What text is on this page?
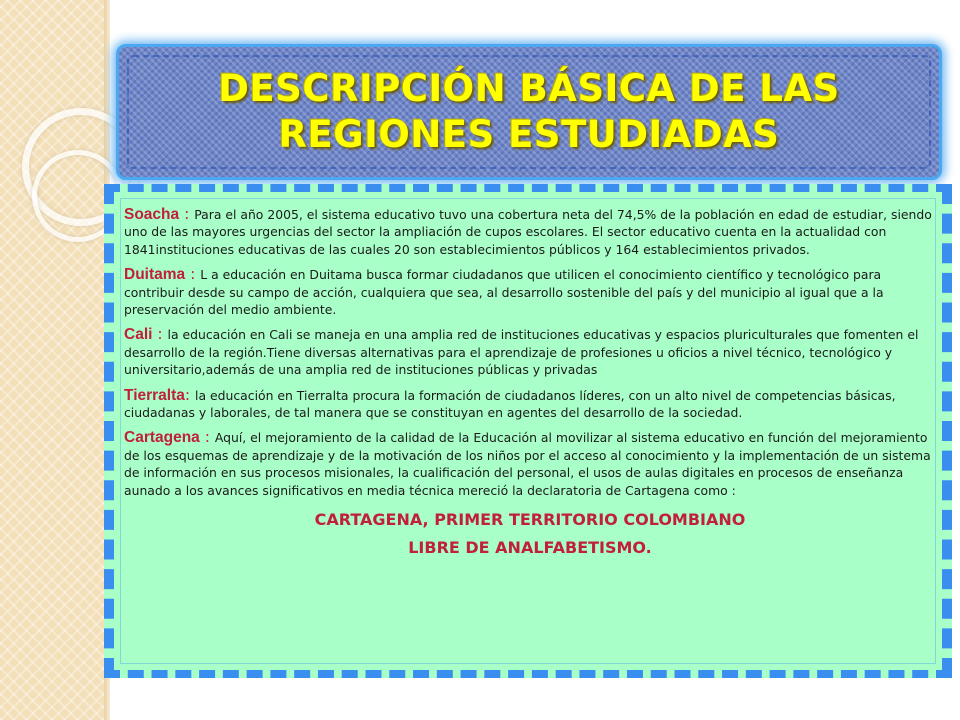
DESCRIPCIÓN BÁSICA DE LAS
REGIONES ESTUDIADAS

Soacha : Para el año 2005, el sistema educativo tuvo una cobertura neta del 74,5% de la población en edad de estudiar, siendo uno de las mayores urgencias del sector la ampliación de cupos escolares. El sector educativo cuenta en la actualidad con 1841instituciones educativas de las cuales 20 son establecimientos públicos y 164 establecimientos privados.

Duitama : L a educación en Duitama busca formar ciudadanos que utilicen el conocimiento científico y tecnológico para contribuir desde su campo de acción, cualquiera que sea, al desarrollo sostenible del país y del municipio al igual que a la preservación del medio ambiente.

Cali : la educación en Cali se maneja en una amplia red de instituciones educativas y espacios pluriculturales que fomenten el desarrollo de la región.Tiene diversas alternativas para el aprendizaje de profesiones u oficios a nivel técnico, tecnológico y universitario,además de una amplia red de instituciones públicas y privadas

Tierralta: la educación en Tierralta procura la formación de ciudadanos líderes, con un alto nivel de competencias básicas, ciudadanas y laborales, de tal manera que se constituyan en agentes del desarrollo de la sociedad.

Cartagena : Aquí, el mejoramiento de la calidad de la Educación al movilizar al sistema educativo en función del mejoramiento de los esquemas de aprendizaje y de la motivación de los niños por el acceso al conocimiento y la implementación de un sistema de información en sus procesos misionales, la cualificación del personal, el usos de aulas digitales en procesos de enseñanza aunado a los avances significativos en media técnica mereció la declaratoria de Cartagena como :

CARTAGENA, PRIMER TERRITORIO COLOMBIANO
LIBRE DE ANALFABETISMO.
